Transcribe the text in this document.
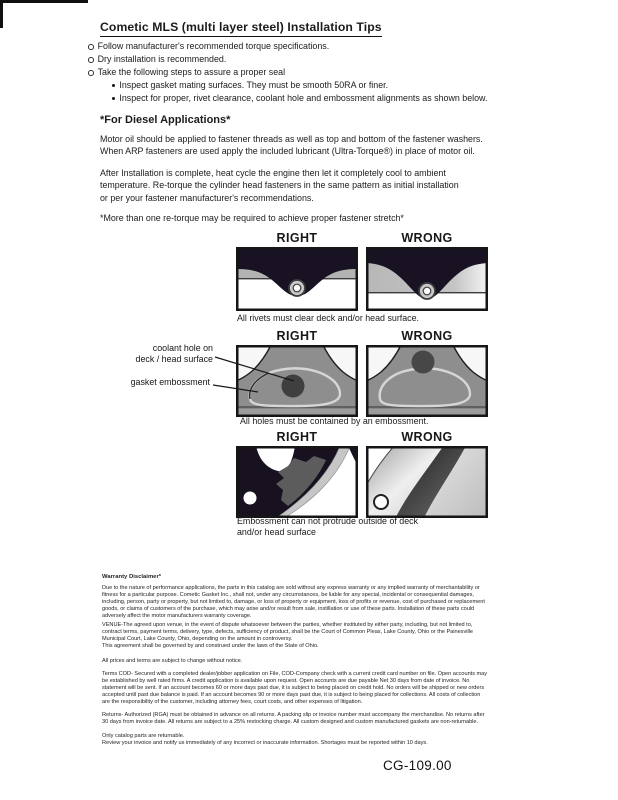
Cometic MLS (multi layer steel) Installation Tips
Follow manufacturer's recommended torque specifications.
Dry installation is recommended.
Take the following steps to assure a proper seal
Inspect gasket mating surfaces. They must be smooth 50RA or finer.
Inspect for proper, rivet clearance, coolant hole and embossment alignments as shown below.
*For Diesel Applications*
Motor oil should be applied to fastener threads as well as top and bottom of the fastener washers.
When ARP fasteners are used apply the included lubricant (Ultra-Torque®) in place of motor oil.
After Installation is complete, heat cycle the engine then let it completely cool to ambient
temperature. Re-torque the cylinder head fasteners in the same pattern as initial installation
or per your fastener manufacturer's recommendations.
*More than one re-torque may be required to achieve proper fastener stretch*
RIGHT	WRONG
All rivets must clear deck and/or head surface.
RIGHT	WRONG
coolant hole on
deck / head surface
gasket embossment
All holes must be contained by an embossment.
RIGHT	WRONG
Embossment can not protrude outside of deck
and/or head surface
Warranty Disclaimer*
Due to the nature of performance applications, the parts in this catalog are sold without any express warranty or any implied warranty of merchantability or
fitness for a particular purpose. Cometic Gasket Inc., shall not, under any circumstances, be liable for any special, incidental or consequential damages,
including, person, party or property, but not limited to, damage, or loss of property or equipment, loss of profits or revenue, cost of purchased or replacement
goods, or claims of customers of the purchase, which may arise and/or result from sale, instillation or use of these parts. Installation of these parts could
adversely affect the motor manufacturers warranty coverage.
VENUE-The agreed upon venue, in the event of dispute whatsoever between the parties, whether instituted by either party, including, but not limited to,
contract terms, payment terms, delivery, type, defects, sufficiency of product, shall be the Court of Common Pleas, Lake County, Ohio or the Painesville
Municipal Court, Lake County, Ohio, depending on the amount in controversy.
This agreement shall be governed by and construed under the laws of the State of Ohio.
All prices and terms are subject to change without notice.
Terms COD- Secured with a completed dealer/jobber application on File, COD-Company check with a current credit card number on file. Open accounts may
be established by well rated firms. A credit application is available upon request. Open accounts are due payable Net 30 days from date of invoice. No
statement will be sent. If an account becomes 60 or more days past due, it is subject to being placed on credit hold. No orders will be shipped or new orders
accepted until past due balance is paid. If an account becomes 90 or more days past due, it is subject to being placed for collections. All costs of collection
are the responsibility of the customer, including attorney fees, court costs, and other expenses of litigation.
Returns- Authorized (RGA) must be obtained in advance on all returns. A packing slip or invoice number must accompany the merchandise. No returns after
30 days from invoice date. All returns are subject to a 25% restocking charge. All custom designed and custom manufactured gaskets are non-returnable.
Only catalog parts are returnable.
Review your invoice and notify us immediately of any incorrect or inaccurate information. Shortages must be reported within 10 days.
CG-109.00
